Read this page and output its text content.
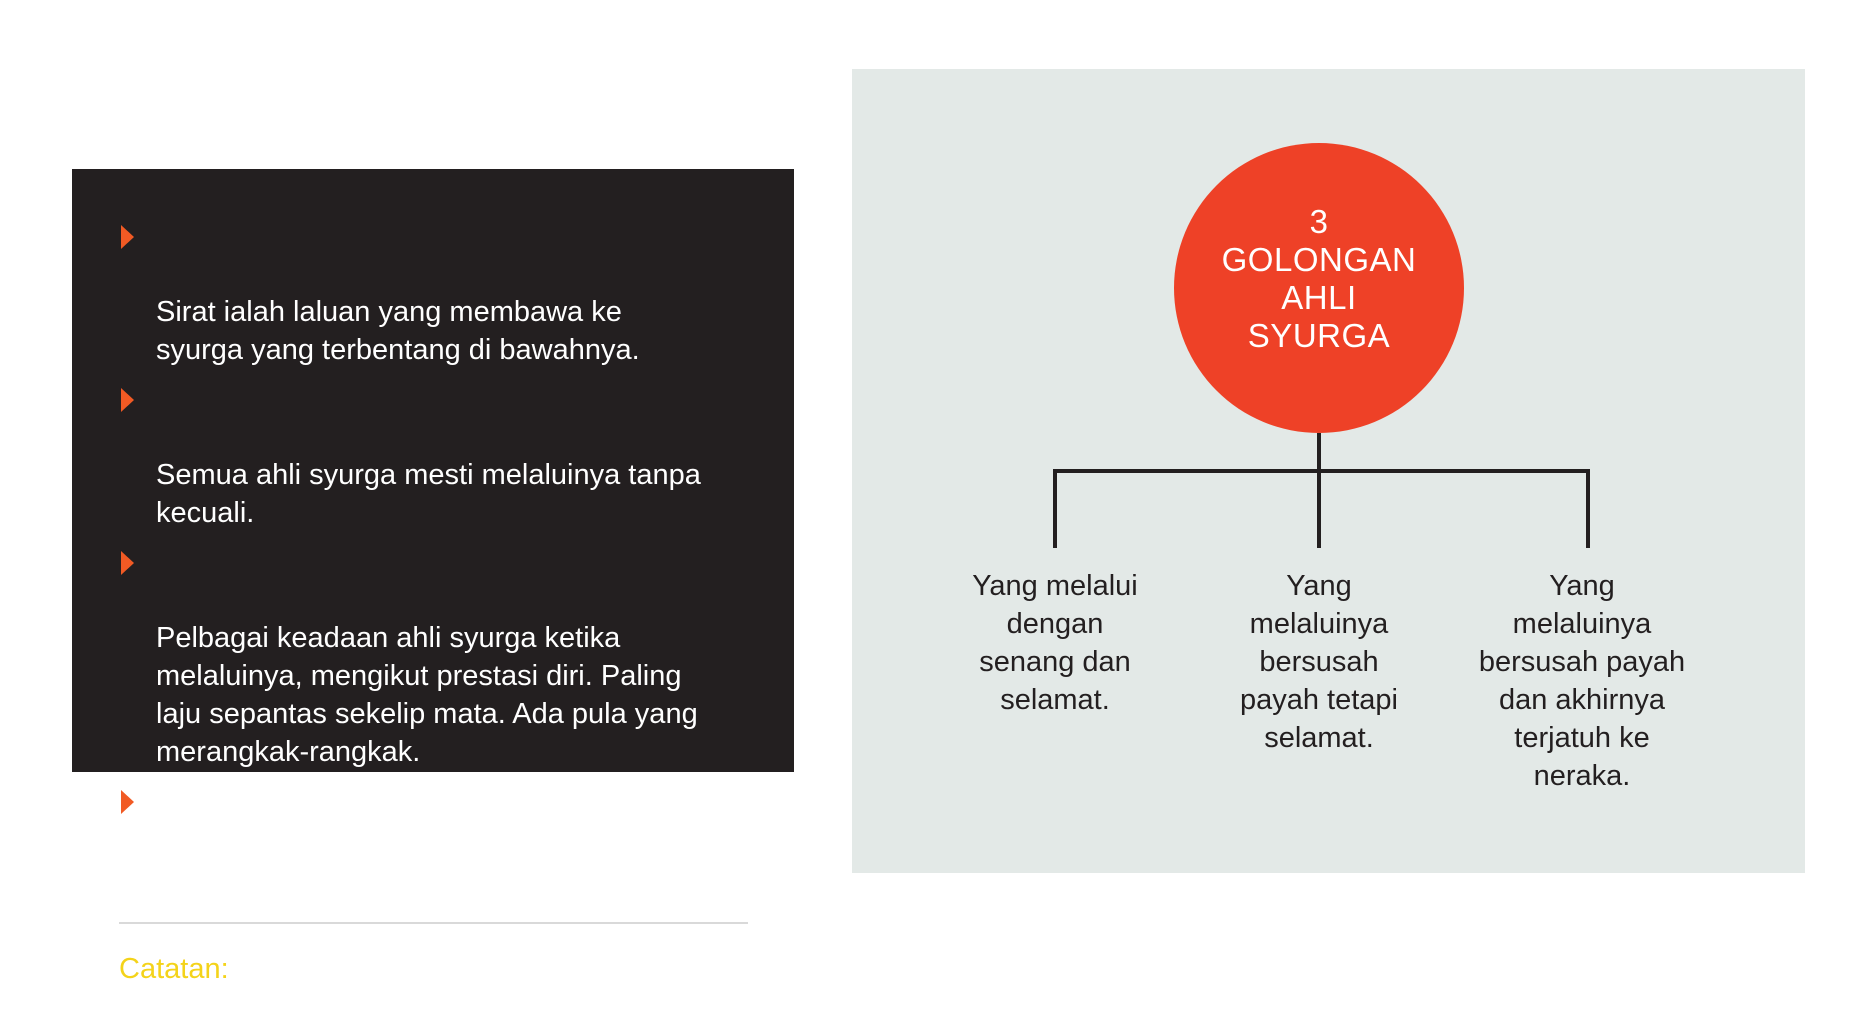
Sirat ialah laluan yang membawa ke
syurga yang terbentang di bawahnya.

Semua ahli syurga mesti melaluinya tanpa
kecuali.

Pelbagai keadaan ahli syurga ketika
melaluinya, mengikut prestasi diri. Paling
laju sepantas sekelip mata. Ada pula yang
merangkak-rangkak.

Ada tiga golongan ahli syurga pada sesi ini.

Catatan: Ahli neraka kekal tidak melalui
proses ini. Mereka terus dibawa ke neraka.
3
GOLONGAN
AHLI
SYURGA
Yang melalui
dengan
senang dan
selamat.
Yang
melaluinya
bersusah
payah tetapi
selamat.
Yang
melaluinya
bersusah payah
dan akhirnya
terjatuh ke
neraka.
